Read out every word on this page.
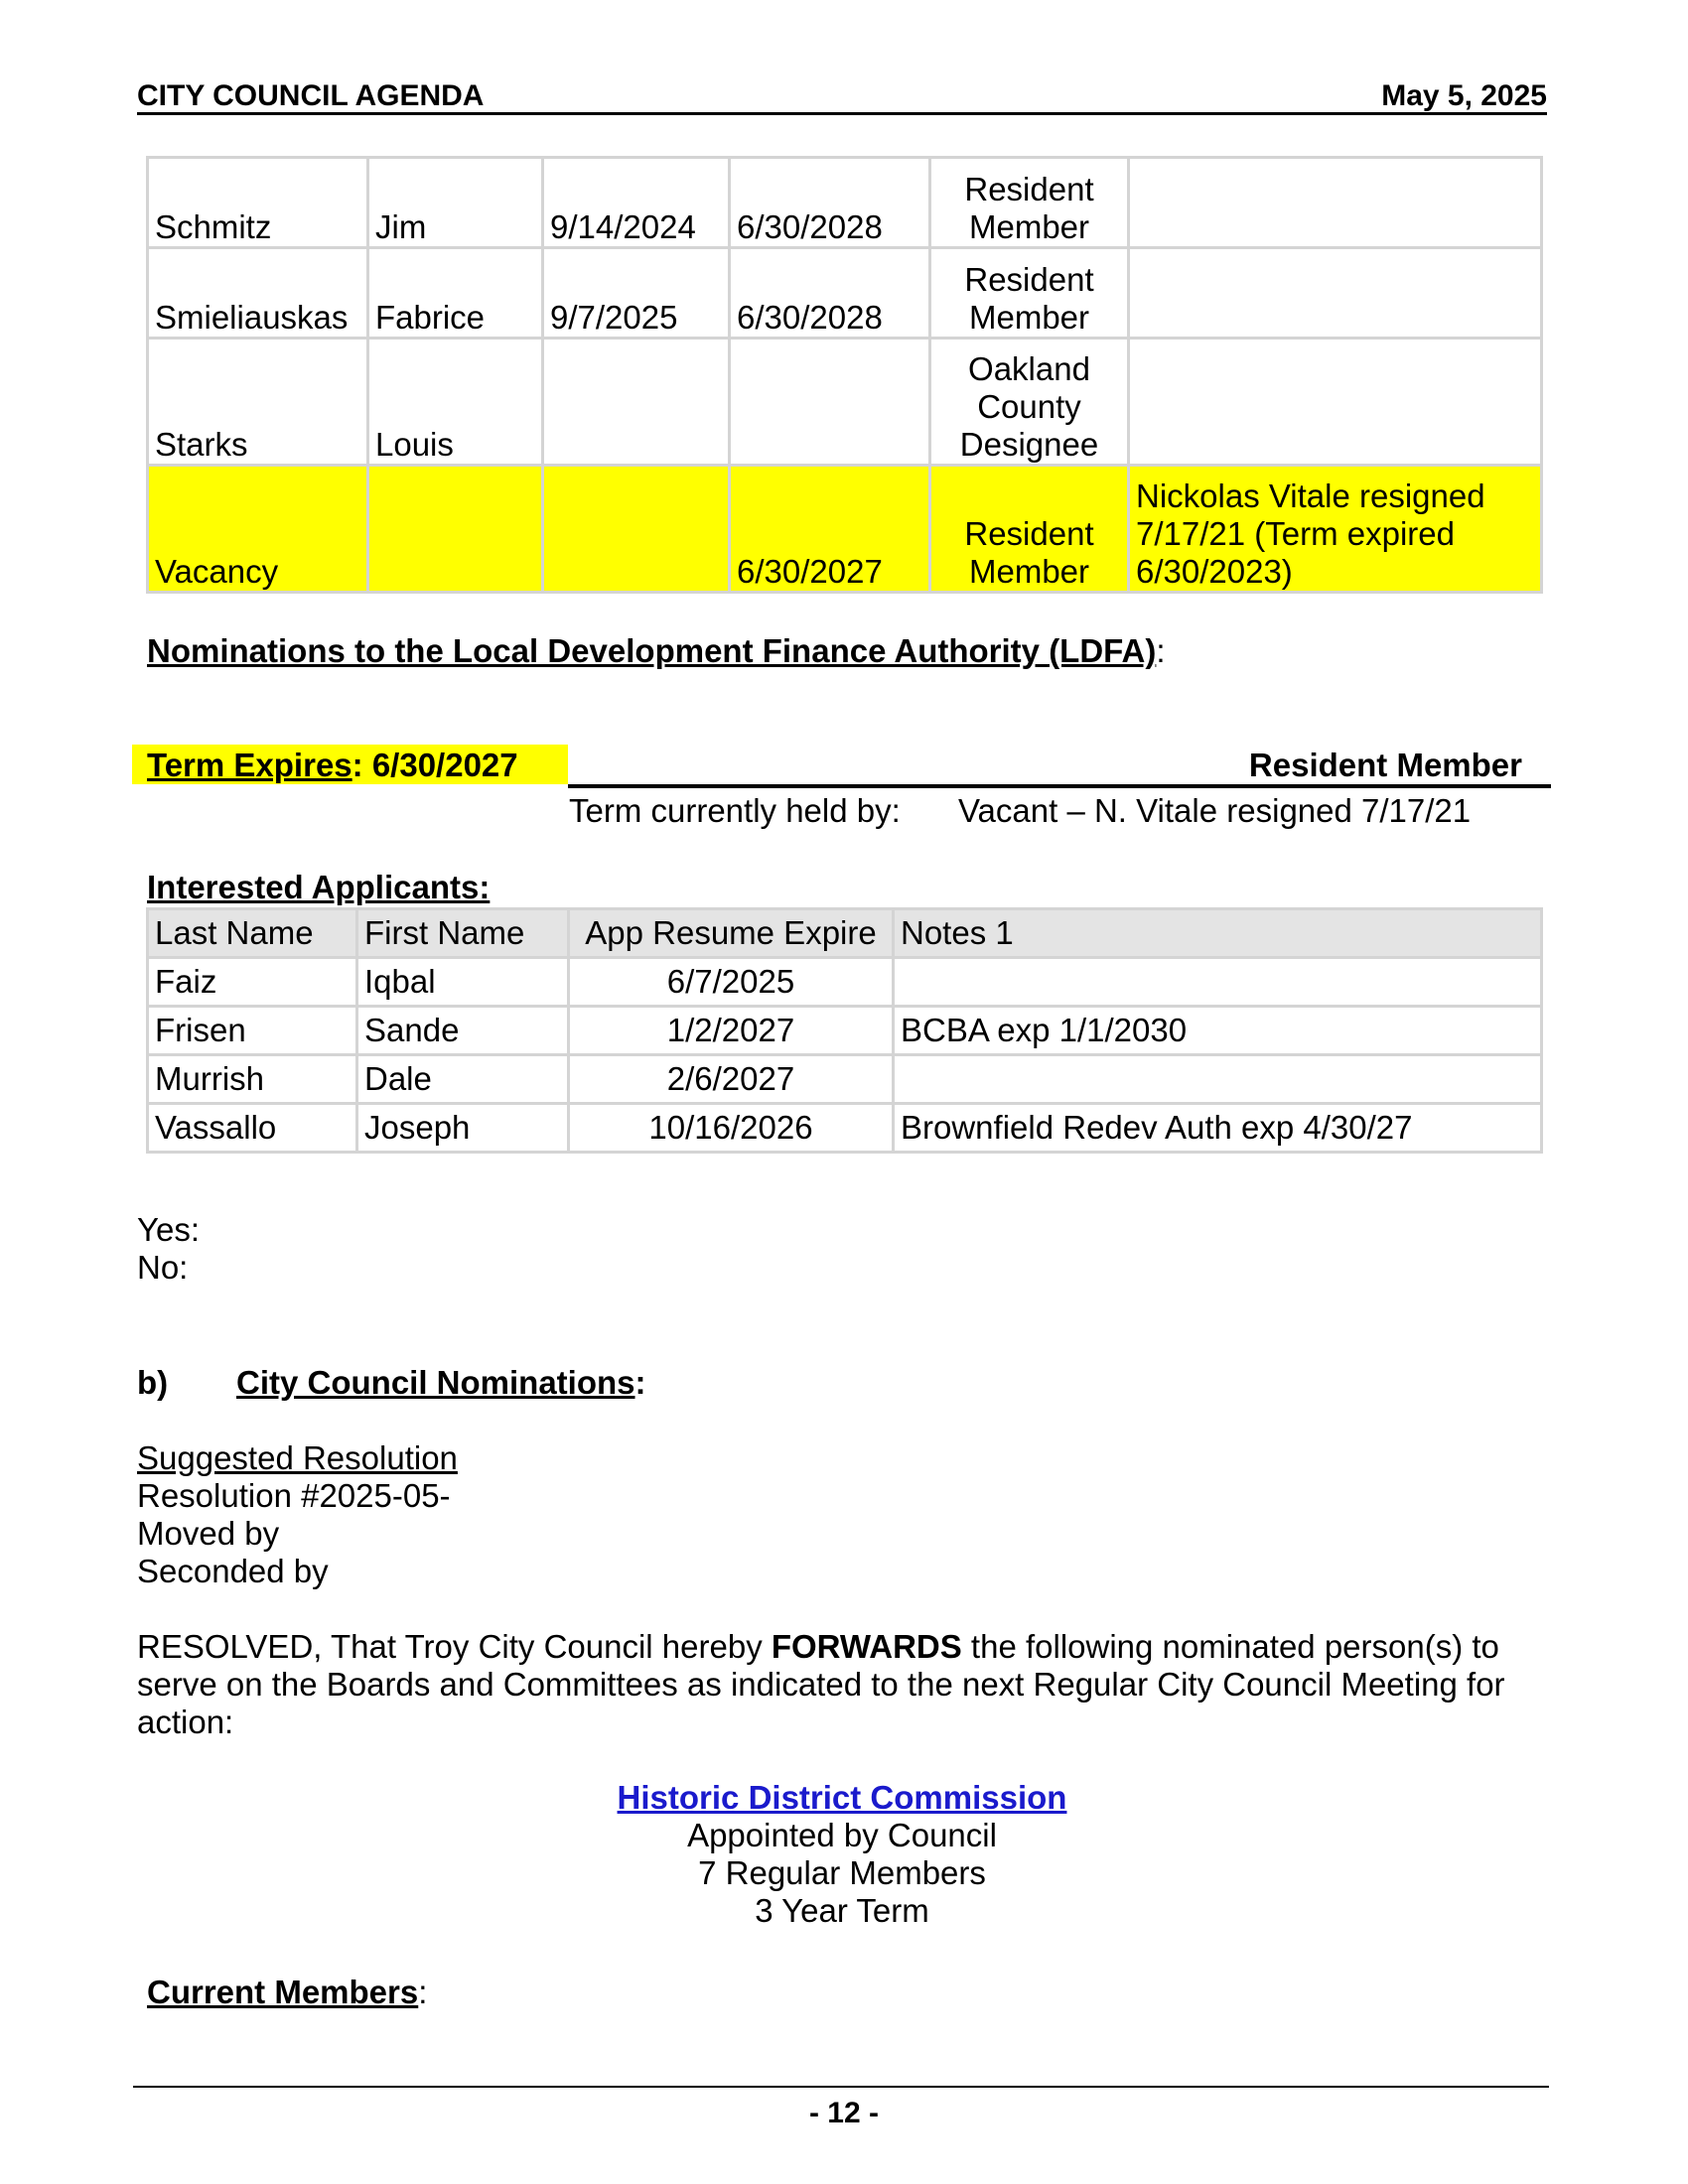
CITY COUNCIL AGENDA	May 5, 2025
Schmitz	Jim	9/14/2024	6/30/2028	Resident Member	
Smieliauskas	Fabrice	9/7/2025	6/30/2028	Resident Member	
Starks	Louis			Oakland County Designee	
Vacancy			6/30/2027	Resident Member	Nickolas Vitale resigned 7/17/21 (Term expired 6/30/2023)
Nominations to the Local Development Finance Authority (LDFA):
Term Expires: 6/30/2027	Resident Member
Term currently held by: Vacant – N. Vitale resigned 7/17/21
Interested Applicants:
Last Name	First Name	App Resume Expire	Notes 1
Faiz	Iqbal	6/7/2025	
Frisen	Sande	1/2/2027	BCBA exp 1/1/2030
Murrish	Dale	2/6/2027	
Vassallo	Joseph	10/16/2026	Brownfield Redev Auth exp 4/30/27
Yes:
No:
b) City Council Nominations:
Suggested Resolution
Resolution #2025-05-
Moved by
Seconded by
RESOLVED, That Troy City Council hereby FORWARDS the following nominated person(s) to serve on the Boards and Committees as indicated to the next Regular City Council Meeting for action:
Historic District Commission
Appointed by Council
7 Regular Members
3 Year Term
Current Members:
- 12 -
